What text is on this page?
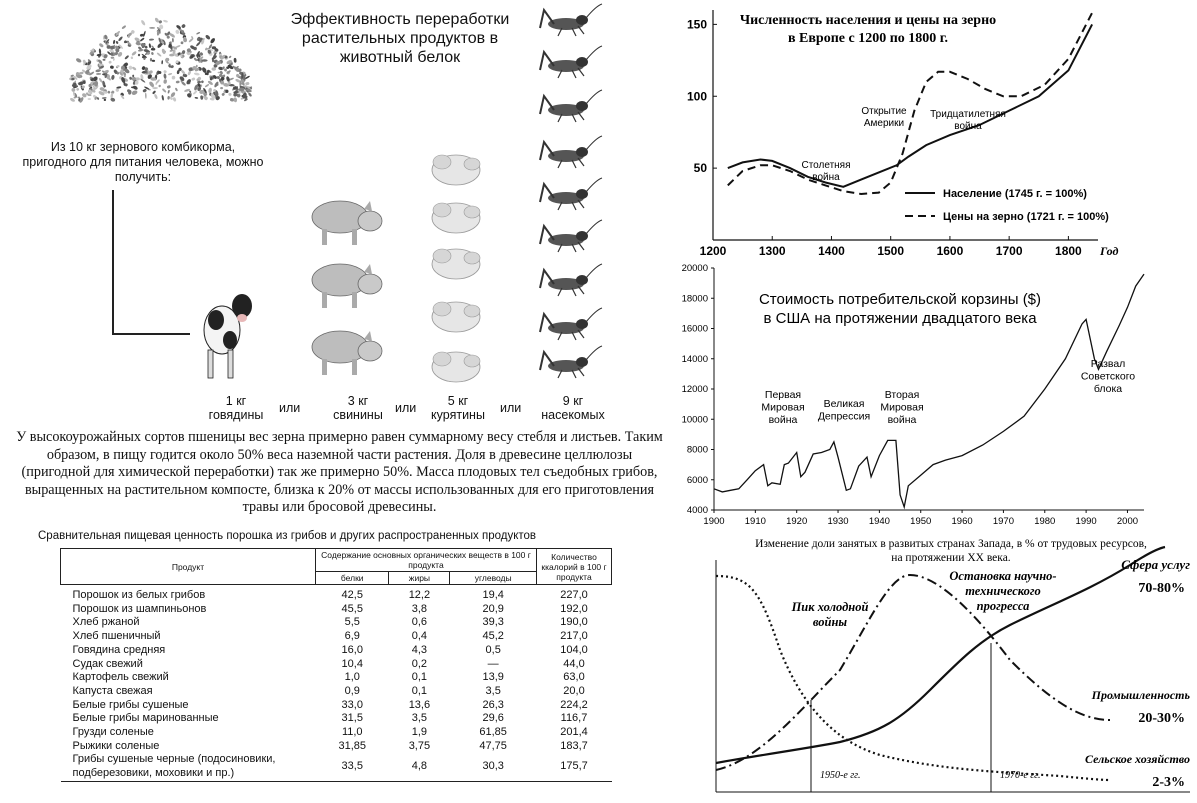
Эффективность переработки растительных продуктов в животный белок
Из 10 кг зернового комбикорма, пригодного для питания человека, можно получить:
1 кг
говядины
3 кг
свинины
5 кг
курятины
9 кг
насекомых
или	или	или
У высокоурожайных сортов пшеницы вес зерна примерно равен суммарному весу стебля и листьев. Таким образом, в пищу годится около 50% веса наземной части растения. Доля в древесине целлюлозы (пригодной для химической переработки) так же примерно 50%. Масса плодовых тел съедобных грибов, выращенных на растительном компосте, близка к 20% от массы использованных для его приготовления травы или бросовой древесины.
Сравнительная пищевая ценность порошка из грибов и других распространенных продуктов
Продукт	Содержание основных органических веществ в 100 г продукта			Количество ккалорий в 100 г продукта
	белки	жиры	углеводы	
Порошок из белых грибов	42,5	12,2	19,4	227,0
Порошок из шампиньонов	45,5	3,8	20,9	192,0
Хлеб ржаной	5,5	0,6	39,3	190,0
Хлеб пшеничный	6,9	0,4	45,2	217,0
Говядина средняя	16,0	4,3	0,5	104,0
Судак свежий	10,4	0,2	—	44,0
Картофель свежий	1,0	0,1	13,9	63,0
Капуста свежая	0,9	0,1	3,5	20,0
Белые грибы сушеные	33,0	13,6	26,3	224,2
Белые грибы маринованные	31,5	3,5	29,6	116,7
Грузди соленые	11,0	1,9	61,85	201,4
Рыжики соленые	31,85	3,75	47,75	183,7
Грибы сушеные черные (подосиновики, подберезовики, моховики и пр.)	33,5	4,8	30,3	175,7
1200	1300	1400	1500	1600	1700	1800
50
100
150
Год
Численность населения и цены на зерно в Европе с 1200 по 1800 г.
Население (1745 г. = 100%)
Цены на зерно (1721 г. = 100%)
Столетняя война
Открытие Америки
Тридцатилетняя война
1900 1910 1920 1930 1940 1950 1960 1970 1980 1990 2000
4000
6000
8000
10000
12000
14000
16000
18000
20000
Стоимость потребительской корзины ($) в США на протяжении двадцатого века
Первая Мировая война
Великая Депрессия
Вторая Мировая война
Развал Советского блока
Изменение доли занятых в развитых странах Запада, в % от трудовых ресурсов, на протяжении XX века.
1950-е гг.	1970-е гг.
Пик холодной войны
Остановка научно-технического прогресса
Сфера услуг
70-80%
Промышленность
20-30%
Сельское хозяйство
2-3%
